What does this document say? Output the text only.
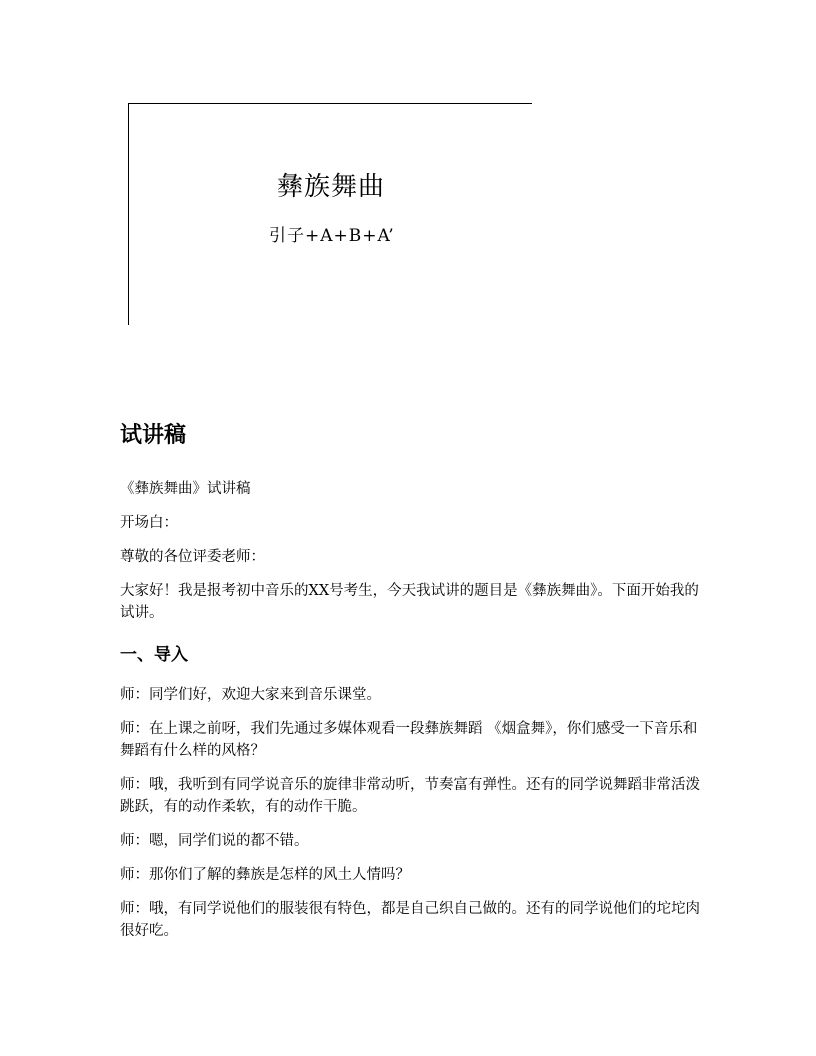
彝族舞曲
引子+A+B+A’
试讲稿

《彝族舞曲》试讲稿

开场白：

尊敬的各位评委老师：

大家好！我是报考初中音乐的XX号考生，今天我试讲的题目是《彝族舞曲》。下面开始我的试讲。

一、导入

师：同学们好，欢迎大家来到音乐课堂。

师：在上课之前呀，我们先通过多媒体观看一段彝族舞蹈 《烟盒舞》，你们感受一下音乐和舞蹈有什么样的风格？

师：哦，我听到有同学说音乐的旋律非常动听，节奏富有弹性。还有的同学说舞蹈非常活泼跳跃，有的动作柔软，有的动作干脆。

师：嗯，同学们说的都不错。

师：那你们了解的彝族是怎样的风土人情吗？

师：哦，有同学说他们的服装很有特色，都是自己织自己做的。还有的同学说他们的坨坨肉很好吃。
